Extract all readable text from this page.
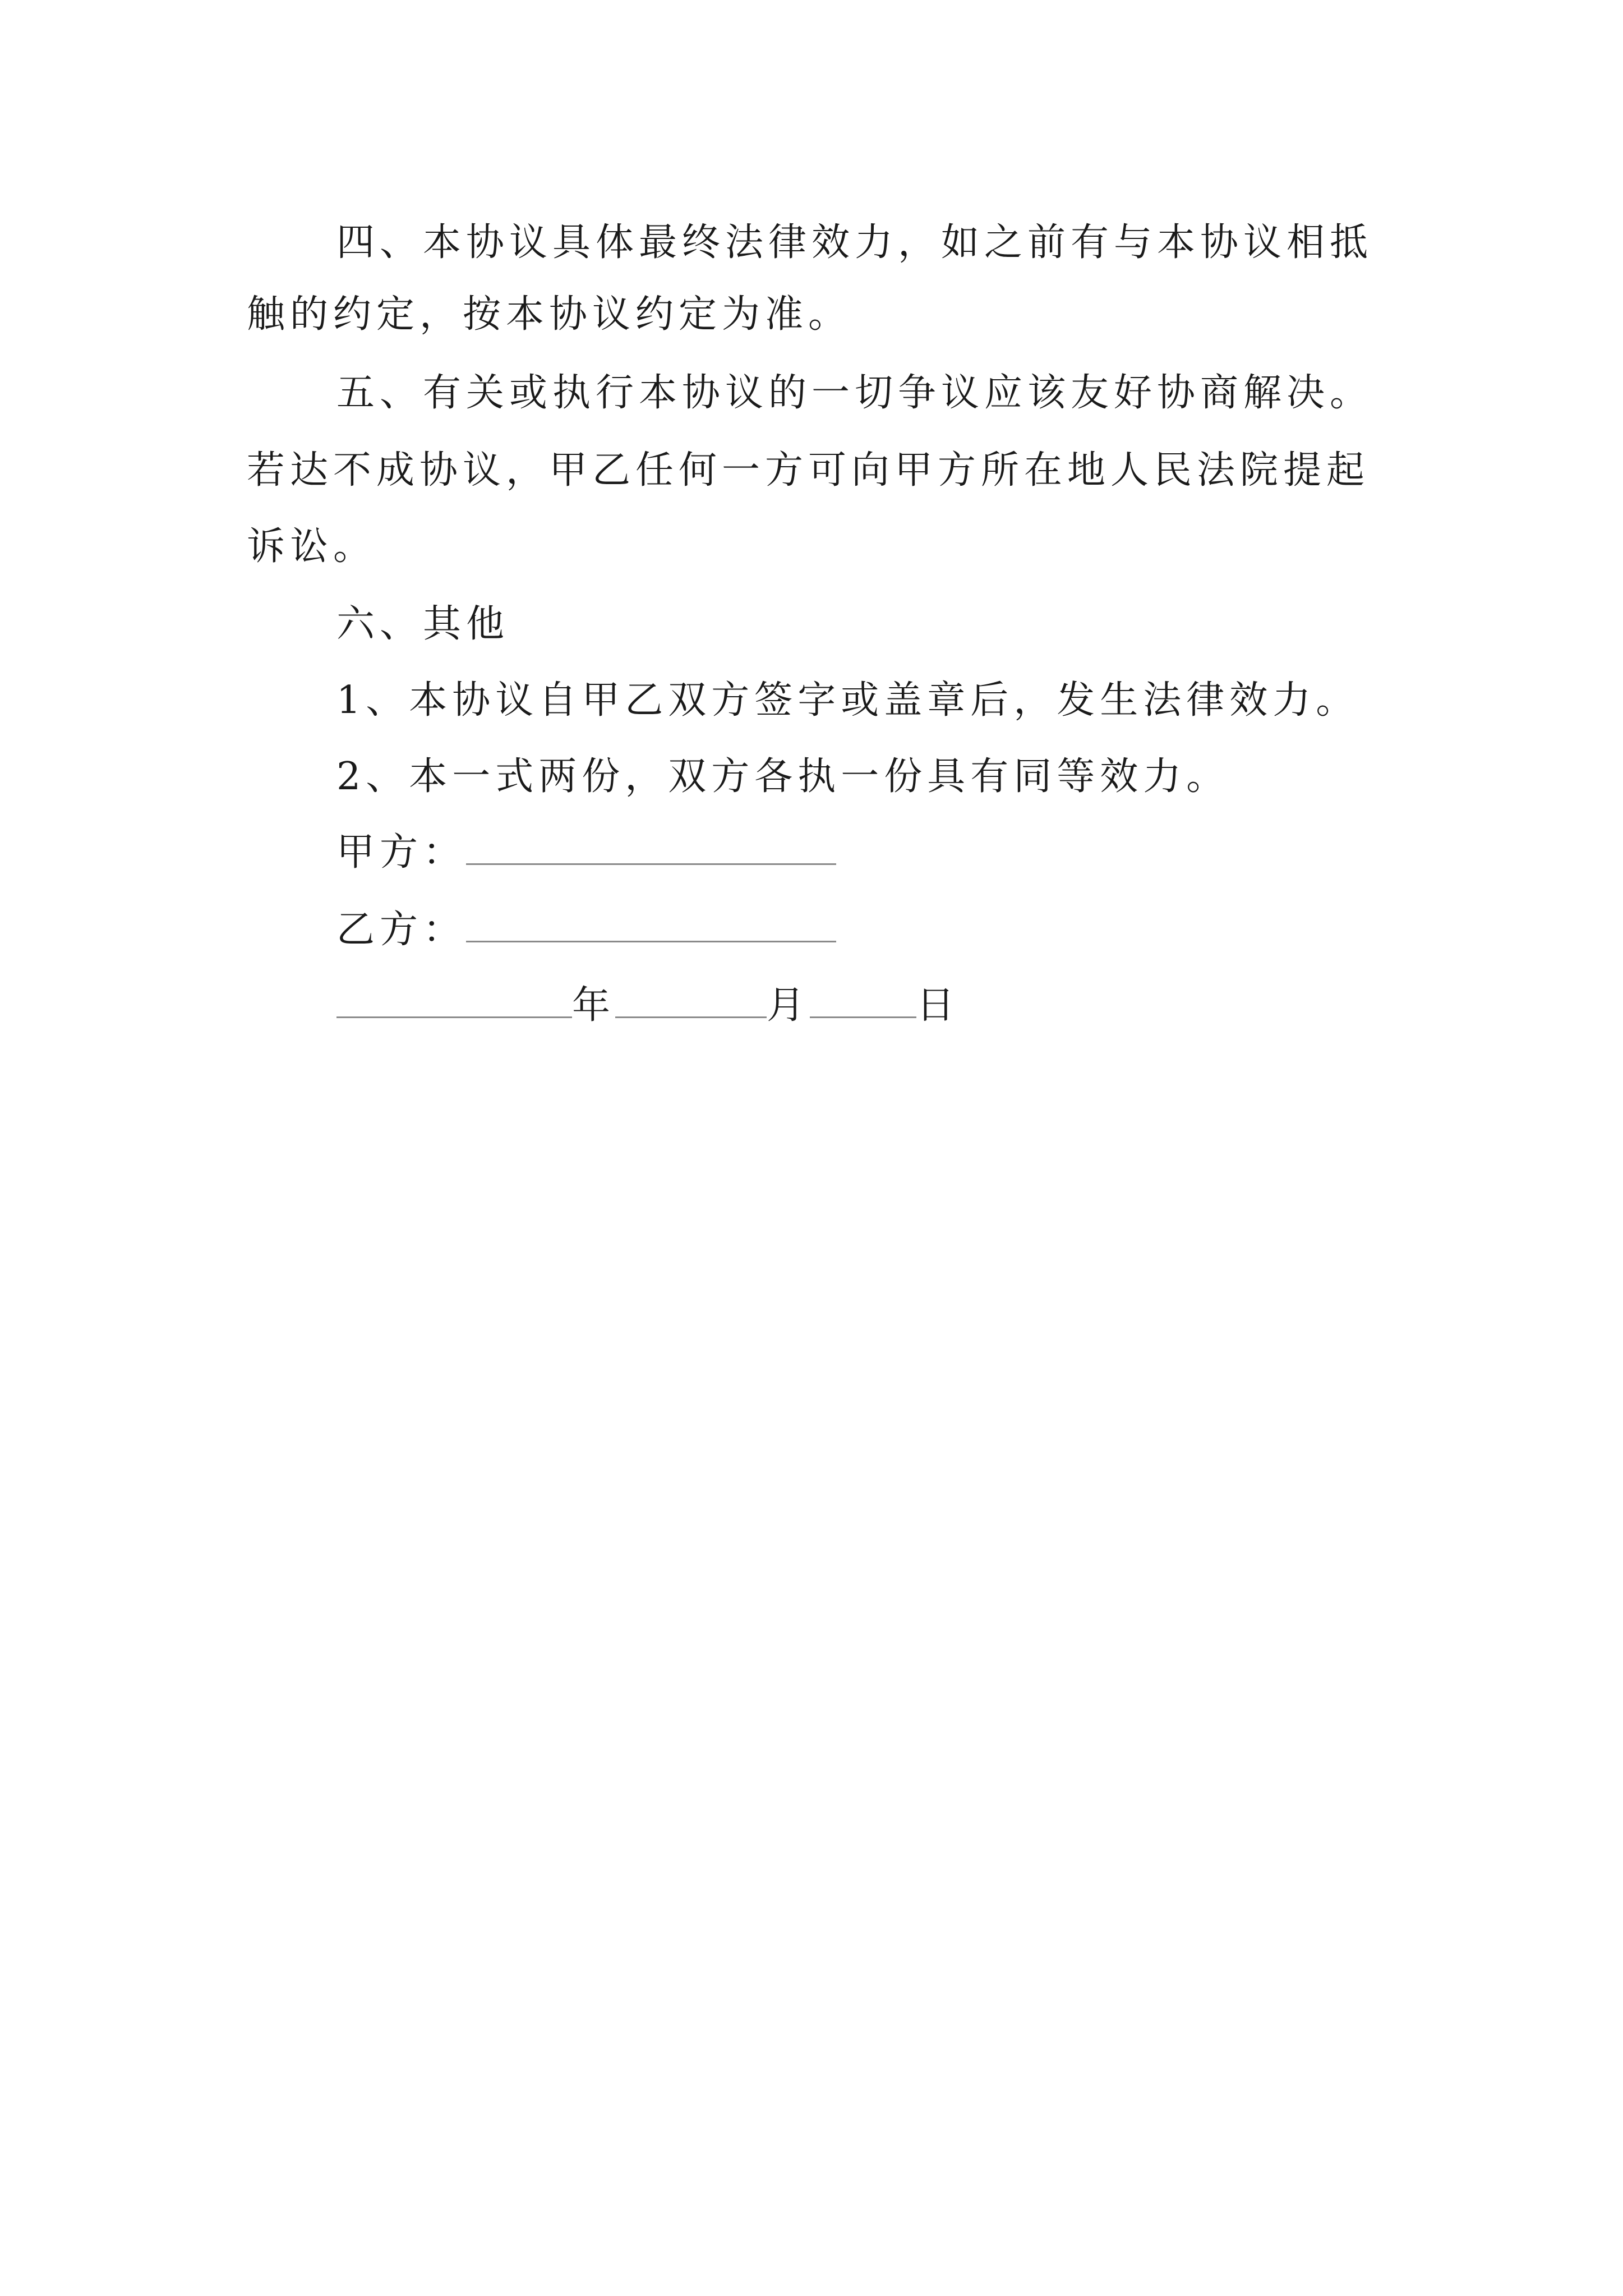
四、本协议具体最终法律效力，如之前有与本协议相抵
触的约定，按本协议约定为准。
五、有关或执行本协议的一切争议应该友好协商解决。
若达不成协议，甲乙任何一方可向甲方所在地人民法院提起
诉讼。
六、其他
1、本协议自甲乙双方签字或盖章后，发生法律效力。
2、本一式两份，双方各执一份具有同等效力。
甲方：
乙方：
年	月	日
